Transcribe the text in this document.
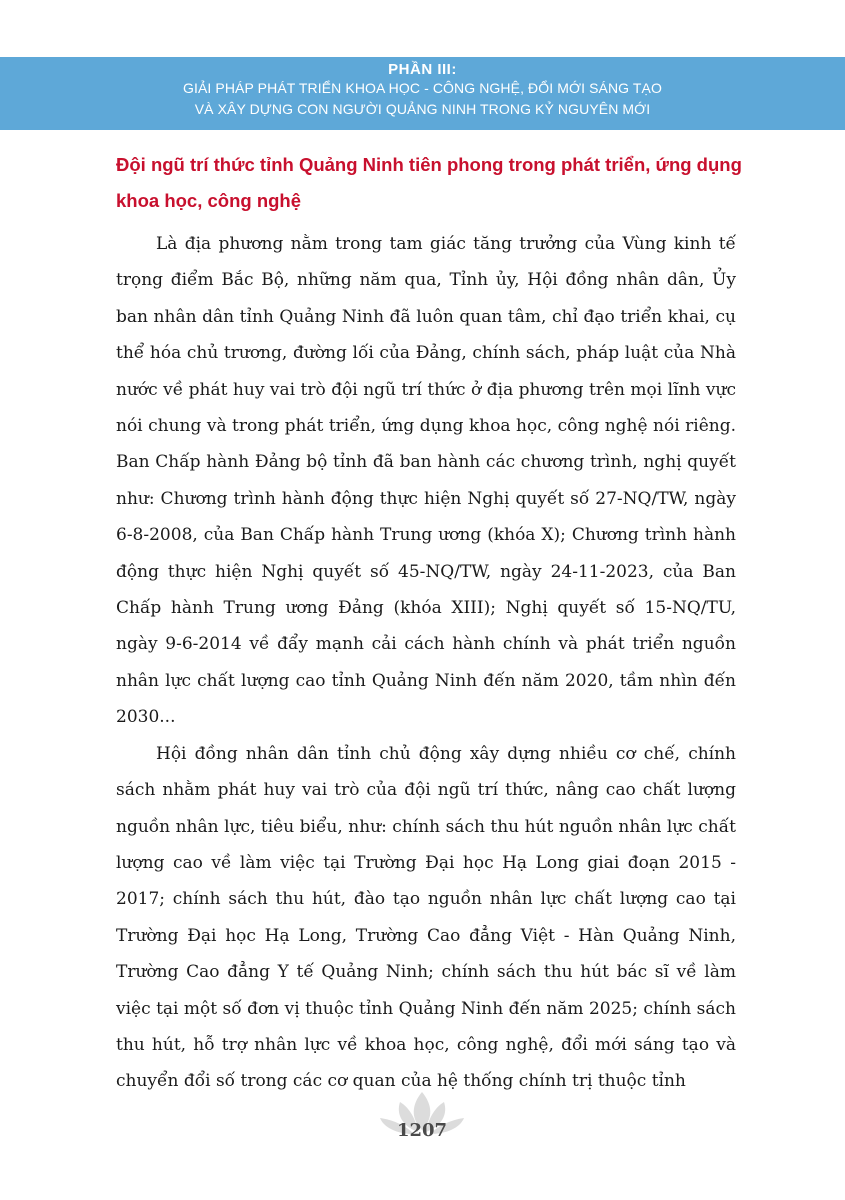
PHẦN III:
GIẢI PHÁP PHÁT TRIỂN KHOA HỌC - CÔNG NGHỆ, ĐỔI MỚI SÁNG TẠO
VÀ XÂY DỰNG CON NGƯỜI QUẢNG NINH TRONG KỶ NGUYÊN MỚI
Đội ngũ trí thức tỉnh Quảng Ninh tiên phong trong phát triển, ứng dụng khoa học, công nghệ

Là địa phương nằm trong tam giác tăng trưởng của Vùng kinh tế trọng điểm Bắc Bộ, những năm qua, Tỉnh ủy, Hội đồng nhân dân, Ủy ban nhân dân tỉnh Quảng Ninh đã luôn quan tâm, chỉ đạo triển khai, cụ thể hóa chủ trương, đường lối của Đảng, chính sách, pháp luật của Nhà nước về phát huy vai trò đội ngũ trí thức ở địa phương trên mọi lĩnh vực nói chung và trong phát triển, ứng dụng khoa học, công nghệ nói riêng. Ban Chấp hành Đảng bộ tỉnh đã ban hành các chương trình, nghị quyết như: Chương trình hành động thực hiện Nghị quyết số 27-NQ/TW, ngày 6-8-2008, của Ban Chấp hành Trung ương (khóa X); Chương trình hành động thực hiện Nghị quyết số 45-NQ/TW, ngày 24-11-2023, của Ban Chấp hành Trung ương Đảng (khóa XIII); Nghị quyết số 15-NQ/TU, ngày 9-6-2014 về đẩy mạnh cải cách hành chính và phát triển nguồn nhân lực chất lượng cao tỉnh Quảng Ninh đến năm 2020, tầm nhìn đến 2030...

Hội đồng nhân dân tỉnh chủ động xây dựng nhiều cơ chế, chính sách nhằm phát huy vai trò của đội ngũ trí thức, nâng cao chất lượng nguồn nhân lực, tiêu biểu, như: chính sách thu hút nguồn nhân lực chất lượng cao về làm việc tại Trường Đại học Hạ Long giai đoạn 2015 - 2017; chính sách thu hút, đào tạo nguồn nhân lực chất lượng cao tại Trường Đại học Hạ Long, Trường Cao đẳng Việt - Hàn Quảng Ninh, Trường Cao đẳng Y tế Quảng Ninh; chính sách thu hút bác sĩ về làm việc tại một số đơn vị thuộc tỉnh Quảng Ninh đến năm 2025; chính sách thu hút, hỗ trợ nhân lực về khoa học, công nghệ, đổi mới sáng tạo và chuyển đổi số trong các cơ quan của hệ thống chính trị thuộc tỉnh

1207
